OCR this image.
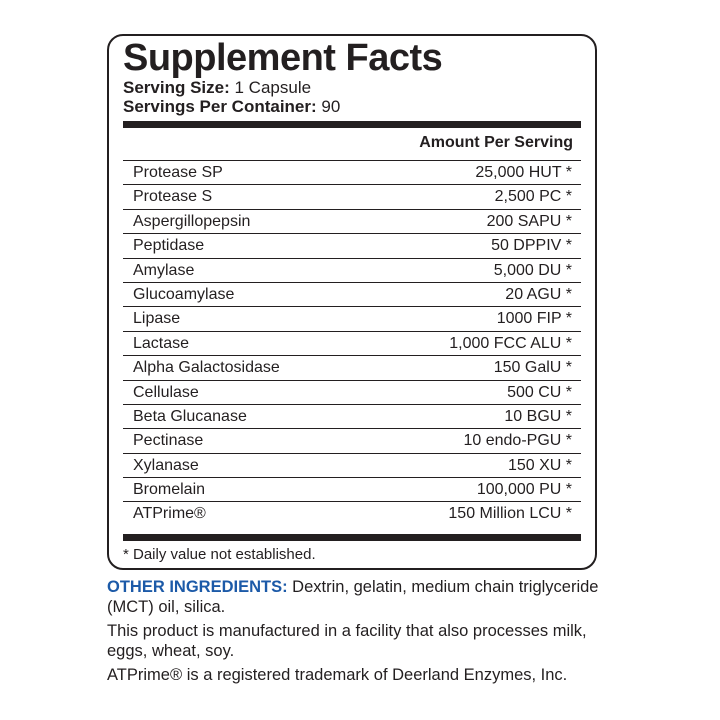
Supplement Facts
Serving Size: 1 Capsule
Servings Per Container: 90
Amount Per Serving
Protease SP	25,000 HUT *
Protease S	2,500 PC *
Aspergillopepsin	200 SAPU *
Peptidase	50 DPPIV *
Amylase	5,000 DU *
Glucoamylase	20 AGU *
Lipase	1000 FIP *
Lactase	1,000 FCC ALU *
Alpha Galactosidase	150 GalU *
Cellulase	500 CU *
Beta Glucanase	10 BGU *
Pectinase	10 endo-PGU *
Xylanase	150 XU *
Bromelain	100,000 PU *
ATPrime®	150 Million LCU *
* Daily value not established.
OTHER INGREDIENTS: Dextrin, gelatin, medium chain triglyceride (MCT) oil, silica.
This product is manufactured in a facility that also processes milk, eggs, wheat, soy.
ATPrime® is a registered trademark of Deerland Enzymes, Inc.
